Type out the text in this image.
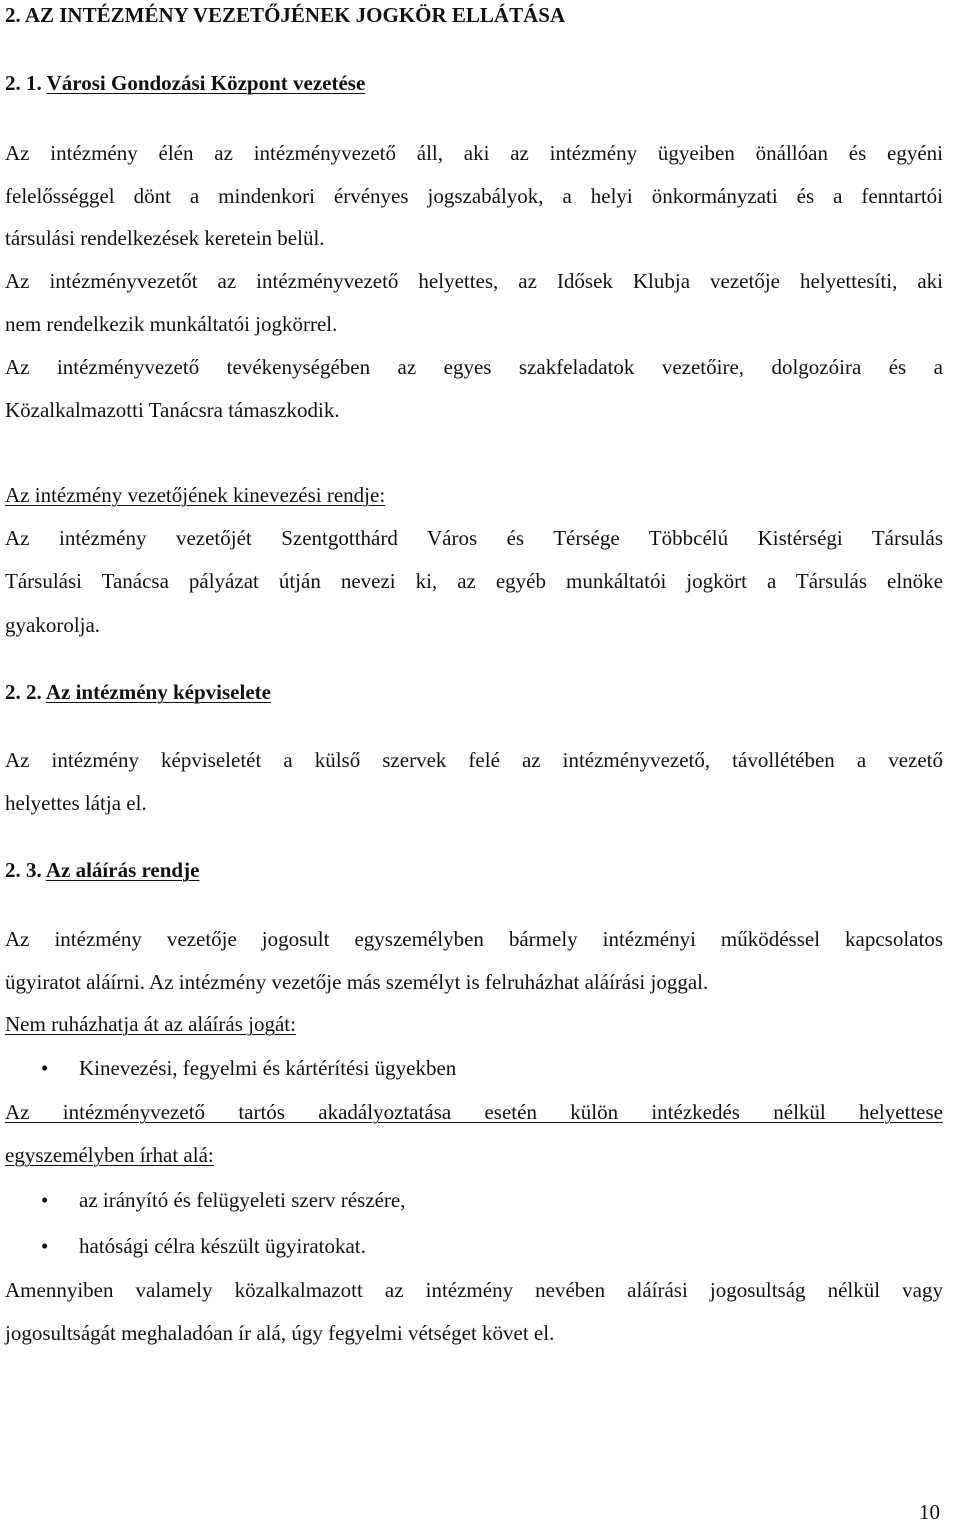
2. AZ INTÉZMÉNY VEZETŐJÉNEK JOGKÖR ELLÁTÁSA

2. 1. Városi Gondozási Központ vezetése

Az intézmény élén az intézményvezető áll, aki az intézmény ügyeiben önállóan és egyéni

felelősséggel dönt a mindenkori érvényes jogszabályok, a helyi önkormányzati és a fenntartói

társulási rendelkezések keretein belül.

Az intézményvezetőt az intézményvezető helyettes, az Idősek Klubja vezetője helyettesíti, aki

nem rendelkezik munkáltatói jogkörrel.

Az intézményvezető tevékenységében az egyes szakfeladatok vezetőire, dolgozóira és a

Közalkalmazotti Tanácsra támaszkodik.

Az intézmény vezetőjének kinevezési rendje:

Az intézmény vezetőjét Szentgotthárd Város és Térsége Többcélú Kistérségi Társulás

Társulási Tanácsa pályázat útján nevezi ki, az egyéb munkáltatói jogkört a Társulás elnöke

gyakorolja.

2. 2. Az intézmény képviselete

Az intézmény képviseletét a külső szervek felé az intézményvezető, távollétében a vezető

helyettes látja el.

2. 3. Az aláírás rendje

Az intézmény vezetője jogosult egyszemélyben bármely intézményi működéssel kapcsolatos

ügyiratot aláírni. Az intézmény vezetője más személyt is felruházhat aláírási joggal.

Nem ruházhatja át az aláírás jogát:

• Kinevezési, fegyelmi és kártérítési ügyekben

Az intézményvezető tartós akadályoztatása esetén külön intézkedés nélkül helyettese

egyszemélyben írhat alá:

• az irányító és felügyeleti szerv részére,
• hatósági célra készült ügyiratokat.

Amennyiben valamely közalkalmazott az intézmény nevében aláírási jogosultság nélkül vagy

jogosultságát meghaladóan ír alá, úgy fegyelmi vétséget követ el.

10
